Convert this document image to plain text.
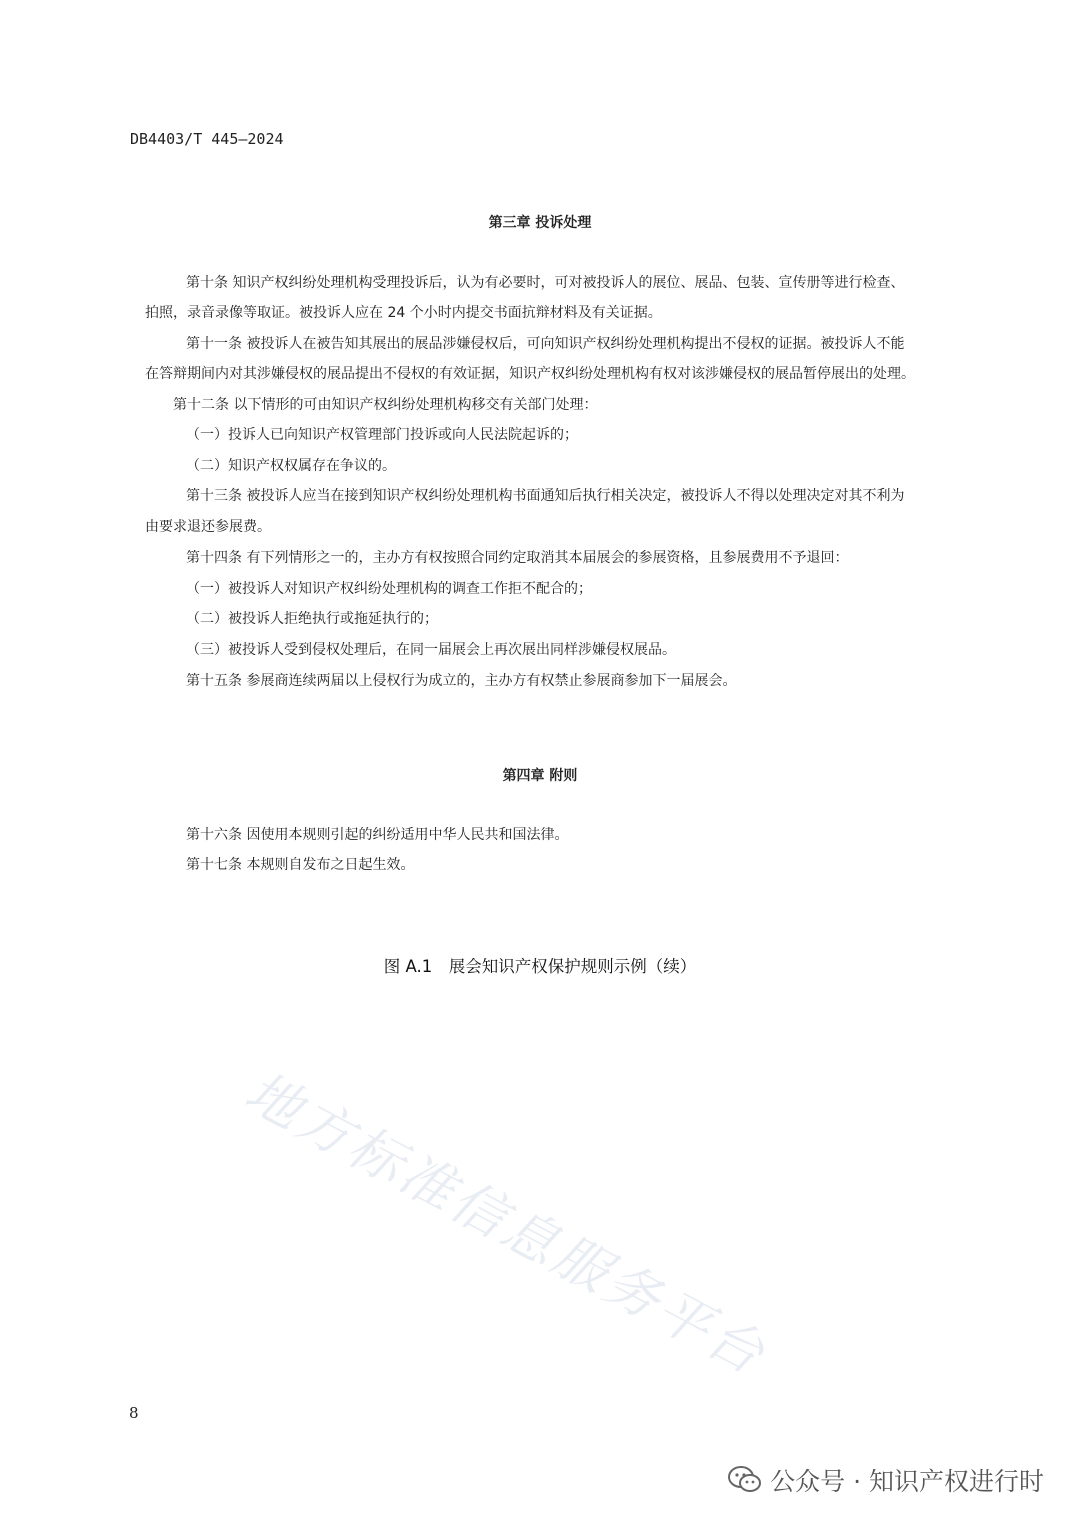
DB4403/T 445—2024
第三章 投诉处理
第十条 知识产权纠纷处理机构受理投诉后，认为有必要时，可对被投诉人的展位、展品、包装、宣传册等进行检查、
拍照，录音录像等取证。被投诉人应在 24 个小时内提交书面抗辩材料及有关证据。
第十一条 被投诉人在被告知其展出的展品涉嫌侵权后，可向知识产权纠纷处理机构提出不侵权的证据。被投诉人不能
在答辩期间内对其涉嫌侵权的展品提出不侵权的有效证据，知识产权纠纷处理机构有权对该涉嫌侵权的展品暂停展出的处理。
第十二条 以下情形的可由知识产权纠纷处理机构移交有关部门处理：
（一）投诉人已向知识产权管理部门投诉或向人民法院起诉的；
（二）知识产权权属存在争议的。
第十三条 被投诉人应当在接到知识产权纠纷处理机构书面通知后执行相关决定，被投诉人不得以处理决定对其不利为
由要求退还参展费。
第十四条 有下列情形之一的，主办方有权按照合同约定取消其本届展会的参展资格，且参展费用不予退回：
（一）被投诉人对知识产权纠纷处理机构的调查工作拒不配合的；
（二）被投诉人拒绝执行或拖延执行的；
（三）被投诉人受到侵权处理后，在同一届展会上再次展出同样涉嫌侵权展品。
第十五条 参展商连续两届以上侵权行为成立的，主办方有权禁止参展商参加下一届展会。
第四章 附则
第十六条 因使用本规则引起的纠纷适用中华人民共和国法律。
第十七条 本规则自发布之日起生效。
图 A.1　展会知识产权保护规则示例（续）
地方标准信息服务平台
8
公众号 · 知识产权进行时
